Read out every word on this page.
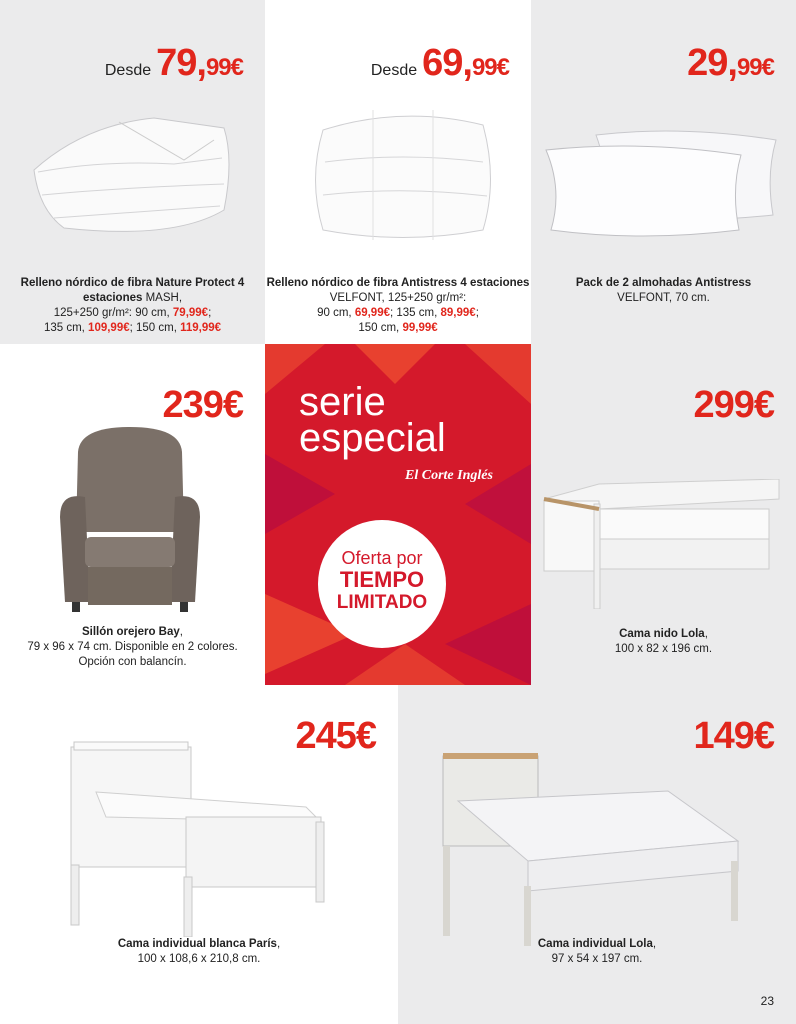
Desde 79,99€
Relleno nórdico de fibra Nature Protect 4 estaciones MASH,
125+250 gr/m²: 90 cm, 79,99€;
135 cm, 109,99€; 150 cm, 119,99€
Desde 69,99€
Relleno nórdico de fibra Antistress 4 estaciones VELFONT, 125+250 gr/m²:
90 cm, 69,99€; 135 cm, 89,99€;
150 cm, 99,99€
29,99€
Pack de 2 almohadas Antistress
VELFONT, 70 cm.
239€
Sillón orejero Bay,
79 x 96 x 74 cm. Disponible en 2 colores.
Opción con balancín.
serie
especial
El Corte Inglés
Oferta por
TIEMPO
LIMITADO
299€
Cama nido Lola,
100 x 82 x 196 cm.
245€
Cama individual blanca París,
100 x 108,6 x 210,8 cm.
149€
Cama individual Lola,
97 x 54 x 197 cm.
23
